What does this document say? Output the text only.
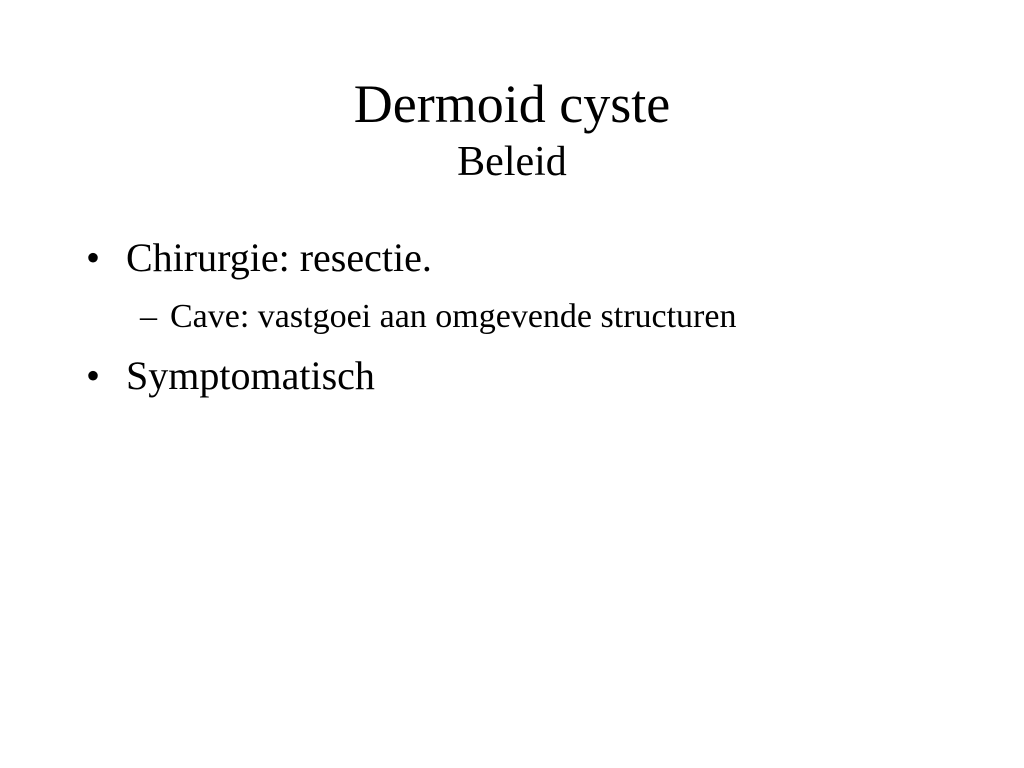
Dermoid cyste
Beleid
• Chirurgie: resectie.
– Cave: vastgoei aan omgevende structuren
• Symptomatisch
